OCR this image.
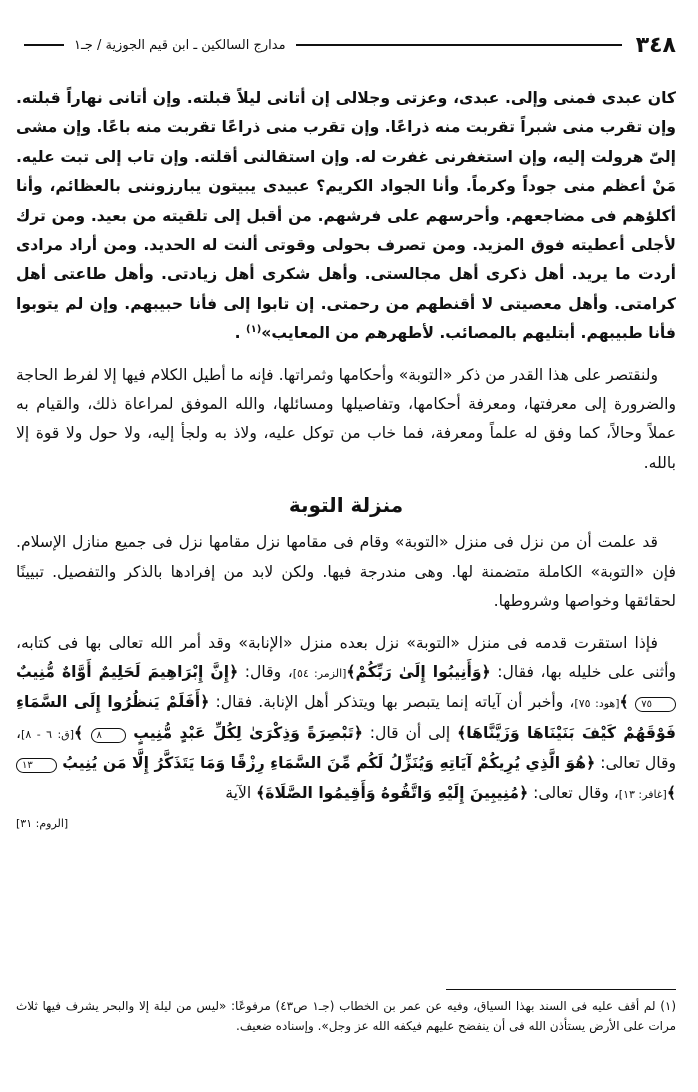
٣٤٨
مدارج السالكين ـ ابن قيم الجوزية / جـ١

كان عبدى فمنى وإلى. عبدى، وعزتى وجلالى إن أتانى ليلاً قبلته. وإن أتانى نهاراً قبلته. وإن تقرب منى شبراً تقربت منه ذراعًا. وإن تقرب منى ذراعًا تقربت منه باعًا. وإن مشى إلىّ هرولت إليه، وإن استغفرنى غفرت له. وإن استقالنى أقلته. وإن تاب إلى تبت عليه. مَنْ أعظم منى جوداً وكرماً. وأنا الجواد الكريم؟ عبيدى يبيتون يبارزوننى بالعظائم، وأنا أكلؤهم فى مضاجعهم. وأحرسهم على فرشهم. من أقبل إلى تلقيته من بعيد. ومن ترك لأجلى أعطيته فوق المزيد. ومن تصرف بحولى وقوتى ألنت له الحديد. ومن أراد مرادى أردت ما يريد. أهل ذكرى أهل مجالستى. وأهل شكرى أهل زيادتى. وأهل طاعتى أهل كرامتى. وأهل معصيتى لا أقنطهم من رحمتى. إن تابوا إلى فأنا حبيبهم. وإن لم يتوبوا فأنا طبيبهم. أبتليهم بالمصائب. لأطهرهم من المعايب»$^{(١)}$ .

ولنقتصر على هذا القدر من ذكر «التوبة» وأحكامها وثمراتها. فإنه ما أطيل الكلام فيها إلا لفرط الحاجة والضرورة إلى معرفتها، ومعرفة أحكامها، وتفاصيلها ومسائلها، والله الموفق لمراعاة ذلك، والقيام به عملاً وحالاً، كما وفق له علماً ومعرفة، فما خاب من توكل عليه، ولاذ به ولجأ إليه، ولا حول ولا قوة إلا بالله.

منزلة التوبة

قد علمت أن من نزل فى منزل «التوبة» وقام فى مقامها نزل مقامها نزل فى جميع منازل الإسلام. فإن «التوبة» الكاملة متضمنة لها. وهى مندرجة فيها. ولكن لابد من إفرادها بالذكر والتفصيل. تبيينًا لحقائقها وخواصها وشروطها.

فإذا استقرت قدمه فى منزل «التوبة» نزل بعده منزل «الإنابة» وقد أمر الله تعالى بها فى كتابه، وأثنى على خليله بها، فقال: ﴿وَأَنِيبُوا إِلَىٰ رَبِّكُمْ﴾[الزمر: ٥٤]، وقال: ﴿إِنَّ إِبْرَاهِيمَ لَحَلِيمٌ أَوَّاهٌ مُّنِيبٌ ٧٥ ﴾[هود: ٧٥]، وأخبر أن آياته إنما يتبصر بها ويتذكر أهل الإنابة. فقال: ﴿أَفَلَمْ يَنظُرُوا إِلَى السَّمَاءِ فَوْقَهُمْ كَيْفَ بَنَيْنَاهَا وَزَيَّنَّاهَا﴾ إلى أن قال: ﴿تَبْصِرَةً وَذِكْرَىٰ لِكُلِّ عَبْدٍ مُّنِيبٍ ٨ ﴾[ق: ٦ - ٨]، وقال تعالى: ﴿هُوَ الَّذِي يُرِيكُمْ آيَاتِهِ وَيُنَزِّلُ لَكُم مِّنَ السَّمَاءِ رِزْقًا وَمَا يَتَذَكَّرُ إِلَّا مَن يُنِيبُ ١٣ ﴾[غافر: ١٣]، وقال تعالى: ﴿مُنِيبِينَ إِلَيْهِ وَاتَّقُوهُ وَأَقِيمُوا الصَّلَاةَ﴾ الآية

[الروم: ٣١]

(١) لم أقف عليه فى السند بهذا السياق، وفيه عن عمر بن الخطاب (جـ١ ص٤٣) مرفوعًا: «ليس من ليلة إلا والبحر يشرف فيها ثلاث مرات على الأرض يستأذن الله فى أن ينفضح عليهم فيكفه الله عز وجل». وإسناده ضعيف.
